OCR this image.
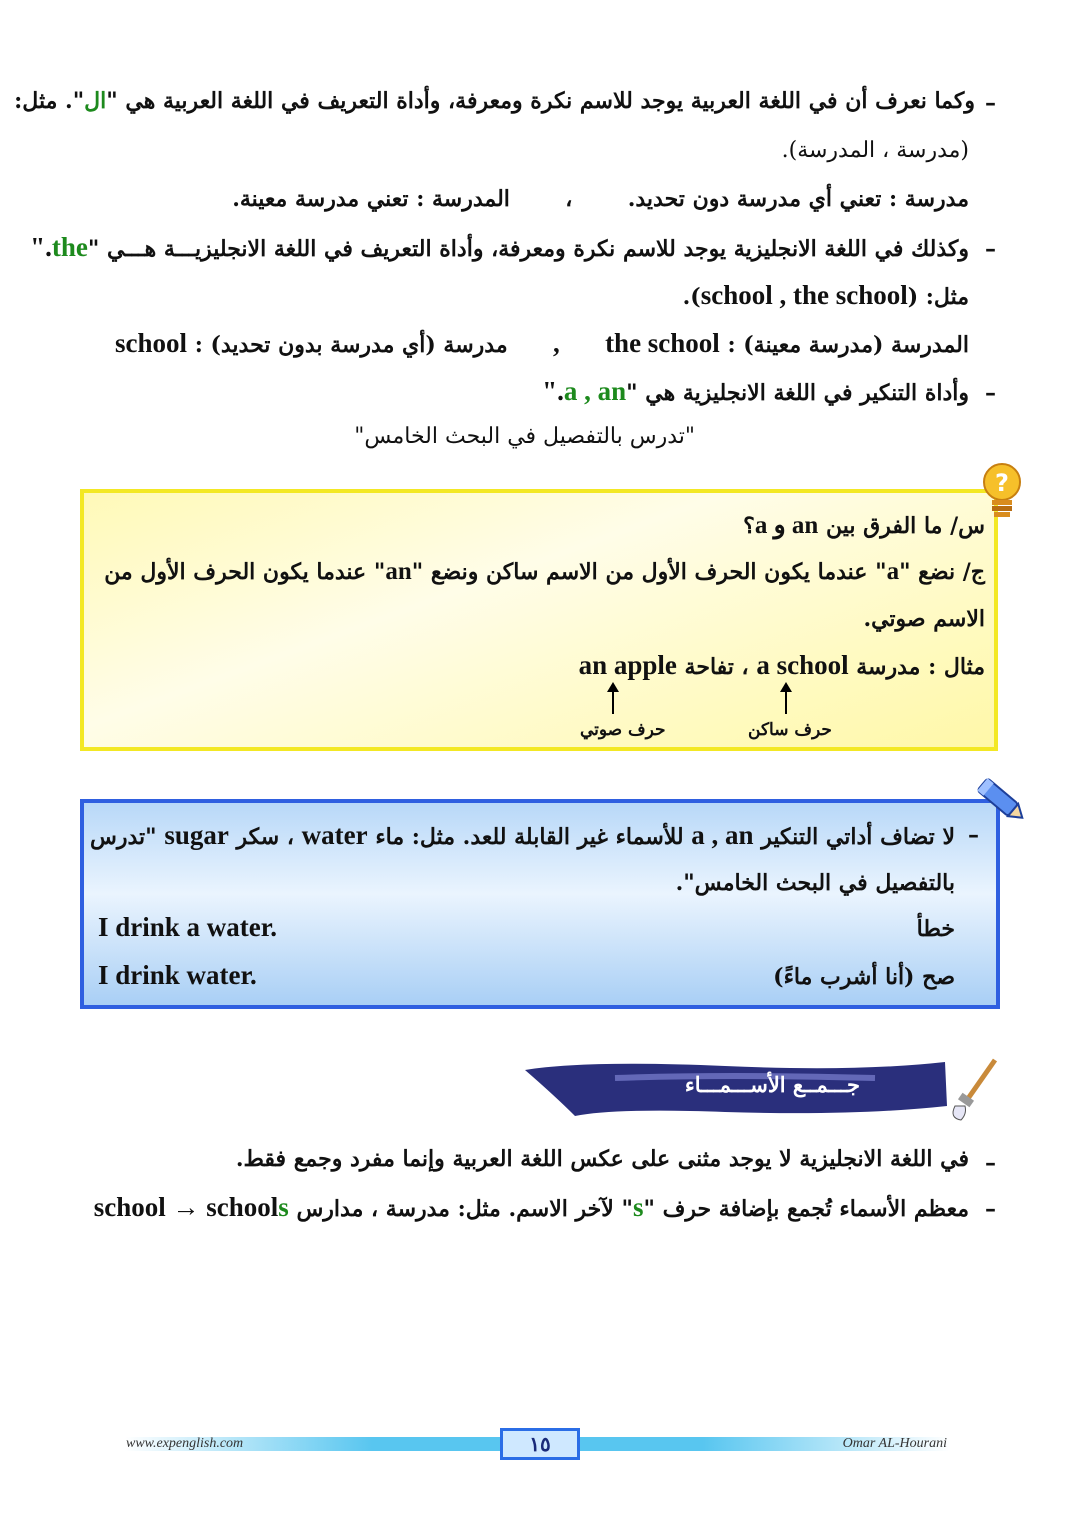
–
وكما نعرف أن في اللغة العربية يوجد للاسم نكرة ومعرفة، وأداة التعريف في اللغة العربية هي "ال". مثل:
(مدرسة ، المدرسة).
مدرسة : تعني أي مدرسة دون تحديد.  ،  المدرسة : تعني مدرسة معينة.
–
وكذلك في اللغة الانجليزية يوجد للاسم نكرة ومعرفة، وأداة التعريف في اللغة الانجليزيـــة هـــي "the".
مثل: (school , the school).
المدرسة (مدرسة معينة) : the school  ,  مدرسة (أي مدرسة بدون تحديد) : school
–
وأداة التنكير في اللغة الانجليزية هي "a , an".
"تدرس بالتفصيل في البحث الخامس"
?
س/ ما الفرق بين a و an؟
ج/ نضع "a" عندما يكون الحرف الأول من الاسم ساكن ونضع "an" عندما يكون الحرف الأول من
الاسم صوتي.
مثال : مدرسة a school ، تفاحة an apple
حرف ساكن
حرف صوتي
–
لا تضاف أداتي التنكير a , an للأسماء غير القابلة للعد. مثل: ماء water ، سكر sugar "تدرس
بالتفصيل في البحث الخامس".
خطأ
I drink a water.
صح (أنا أشرب ماءً)
I drink water.
جـــمــع الأســـمـــاء
–
في اللغة الانجليزية لا يوجد مثنى على عكس اللغة العربية وإنما مفرد وجمع فقط.
–
معظم الأسماء تُجمع بإضافة حرف "s" لآخر الاسم. مثل: مدرسة ، مدارس school → schools
www.expenglish.com	Omar AL-Hourani
١٥
